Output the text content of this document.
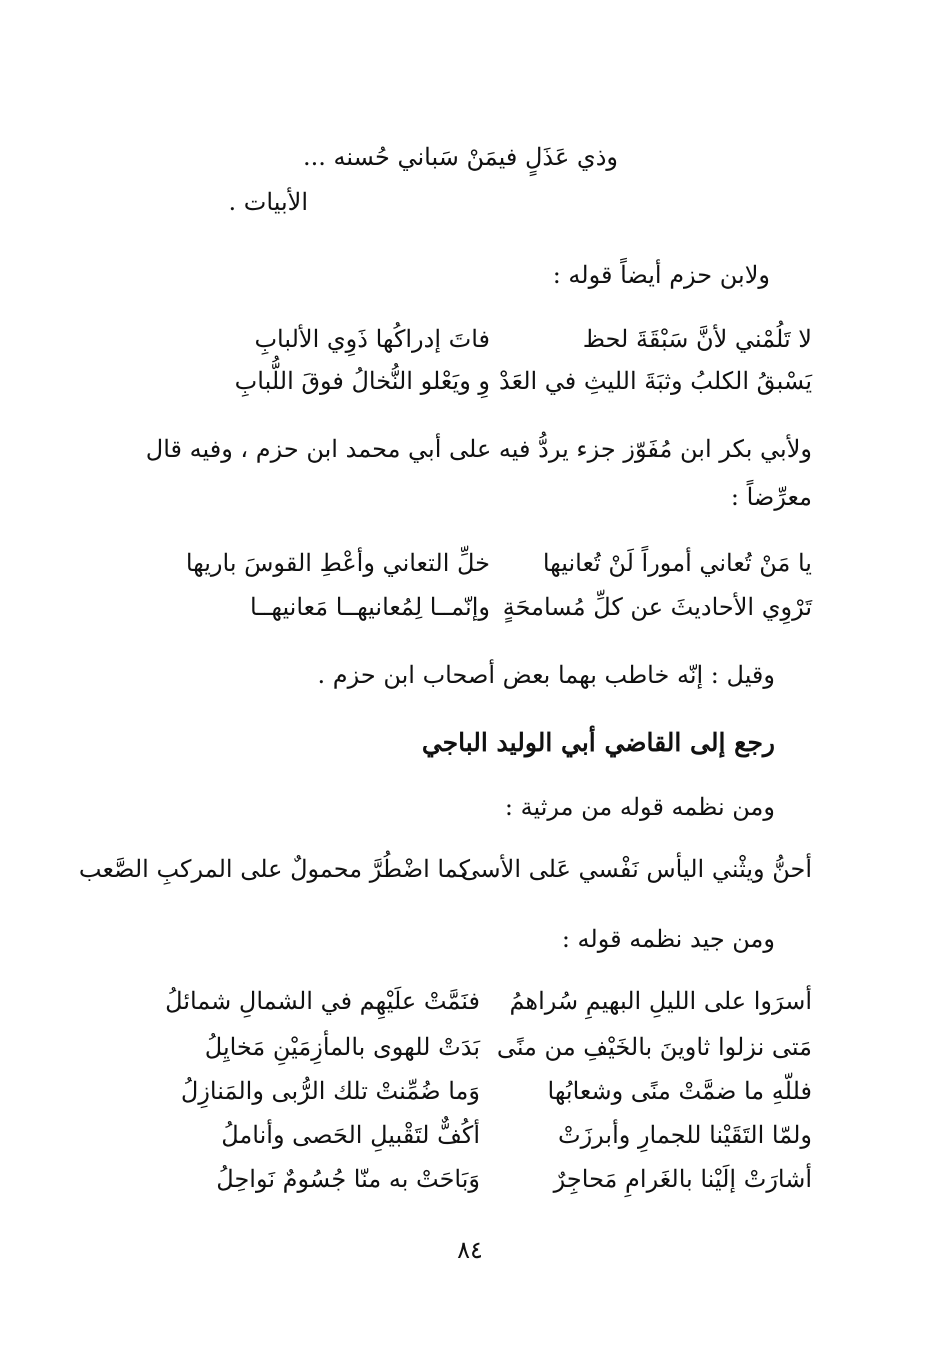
وذي عَذَلٍ فيمَنْ سَباني حُسنه ...
الأبيات .
ولابن حزم أيضاً قوله :
لا تَلُمْني لأنَّ سَبْقَةَ لحظ
فاتَ إدراكُها ذَوِي الألبابِ
يَسْبقُ الكلبُ وثبَةَ الليثِ في العَدْ
وِ ويَعْلو النُّخالُ فوقَ اللُّبابِ
ولأبي بكر ابن مُفَوّز جزء يردُّ فيه على أبي محمد ابن حزم ، وفيه قال
معرِّضاً :
يا مَنْ تُعاني أموراً لَنْ تُعانيها
خلِّ التعاني وأعْطِ القوسَ باريها
تَرْوِي الأحاديثَ عن كلِّ مُسامحَةٍ
وإنّمــا لِمُعانيهــا مَعانيهــا
وقيل : إنّه خاطب بهما بعض أصحاب ابن حزم .
رجع إلى القاضي أبي الوليد الباجي
ومن نظمه قوله من مرثية :
أحنُّ ويثْني اليأس نَفْسي عَلى الأسى
كما اضْطُرَّ محمولٌ على المركبِ الصَّعب
ومن جيد نظمه قوله :
أسرَوا على الليلِ البهيمِ سُراهمُ
فنَمَّتْ علَيْهِم في الشمالِ شمائلُ
مَتى نزلوا ثاوينَ بالخَيْفِ من منًى
بَدَتْ للهوى بالمأزِمَيْنِ مَخايِلُ
فللّهِ ما ضمَّتْ منًى وشعابُها
وَما ضُمِّنتْ تلك الرُّبى والمَنازِلُ
ولمّا التَقَيْنا للجمارِ وأبرزَتْ
أكُفٌّ لتَقْبيلِ الحَصى وأناملُ
أشارَتْ إلَيْنا بالغَرامِ مَحاجِرٌ
وَبَاحَتْ به منّا جُسُومٌ نَواحِلُ
٨٤
